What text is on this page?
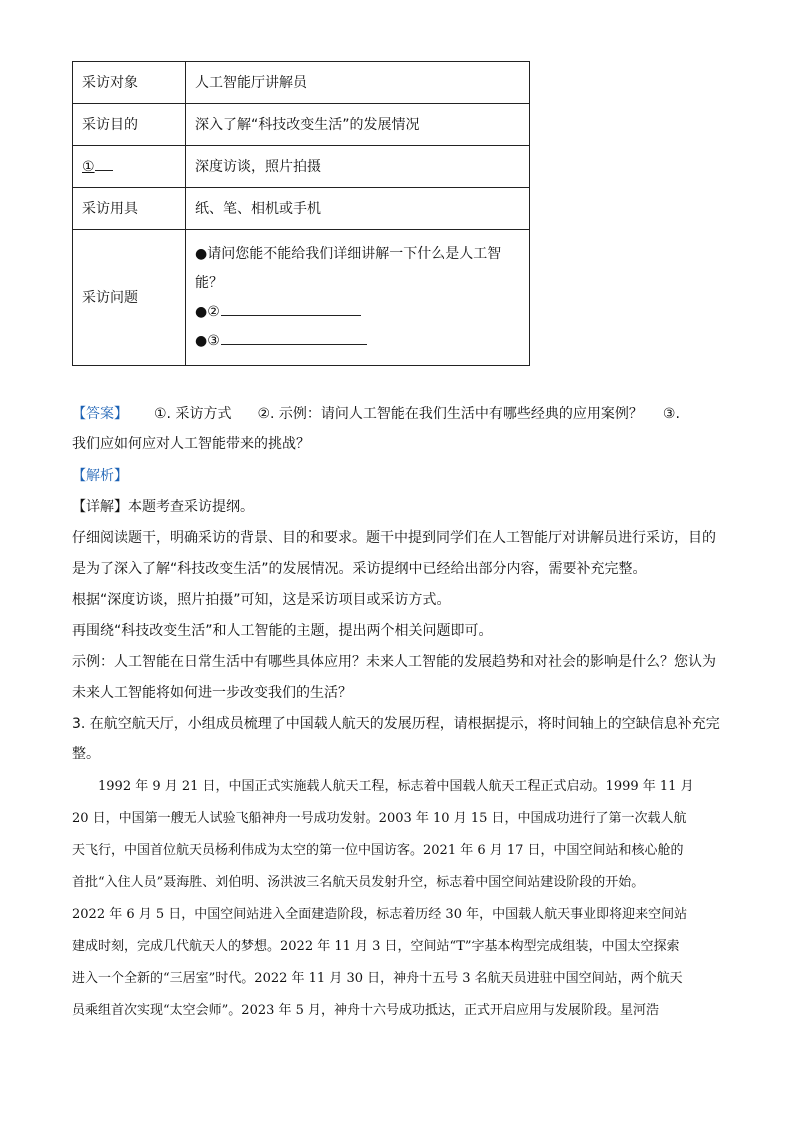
采访对象	人工智能厅讲解员
采访目的	深入了解“科技改变生活”的发展情况
①	深度访谈，照片拍摄
采访用具	纸、笔、相机或手机
采访问题	●请问您能不能给我们详细讲解一下什么是人工智
能？
●②
●③
【答案】 ①. 采访方式 ②. 示例：请问人工智能在我们生活中有哪些经典的应用案例？ ③.
我们应如何应对人工智能带来的挑战？
【解析】
【详解】本题考查采访提纲。
仔细阅读题干，明确采访的背景、目的和要求。题干中提到同学们在人工智能厅对讲解员进行采访，目的
是为了深入了解“科技改变生活”的发展情况。采访提纲中已经给出部分内容，需要补充完整。
根据“深度访谈，照片拍摄”可知，这是采访项目或采访方式。
再围绕“科技改变生活”和人工智能的主题，提出两个相关问题即可。
示例：人工智能在日常生活中有哪些具体应用？未来人工智能的发展趋势和对社会的影响是什么？您认为
未来人工智能将如何进一步改变我们的生活？
3. 在航空航天厅，小组成员梳理了中国载人航天的发展历程，请根据提示，将时间轴上的空缺信息补充完
整。
　　1992 年 9 月 21 日，中国正式实施载人航天工程，标志着中国载人航天工程正式启动。1999 年 11 月
20 日，中国第一艘无人试验飞船神舟一号成功发射。2003 年 10 月 15 日，中国成功进行了第一次载人航
天飞行，中国首位航天员杨利伟成为太空的第一位中国访客。2021 年 6 月 17 日，中国空间站和核心舱的
首批“入住人员”聂海胜、刘伯明、汤洪波三名航天员发射升空，标志着中国空间站建设阶段的开始。
2022 年 6 月 5 日，中国空间站进入全面建造阶段，标志着历经 30 年，中国载人航天事业即将迎来空间站
建成时刻，完成几代航天人的梦想。2022 年 11 月 3 日，空间站“T”字基本构型完成组装，中国太空探索
进入一个全新的“三居室”时代。2022 年 11 月 30 日，神舟十五号 3 名航天员进驻中国空间站，两个航天
员乘组首次实现“太空会师”。2023 年 5 月，神舟十六号成功抵达，正式开启应用与发展阶段。星河浩
